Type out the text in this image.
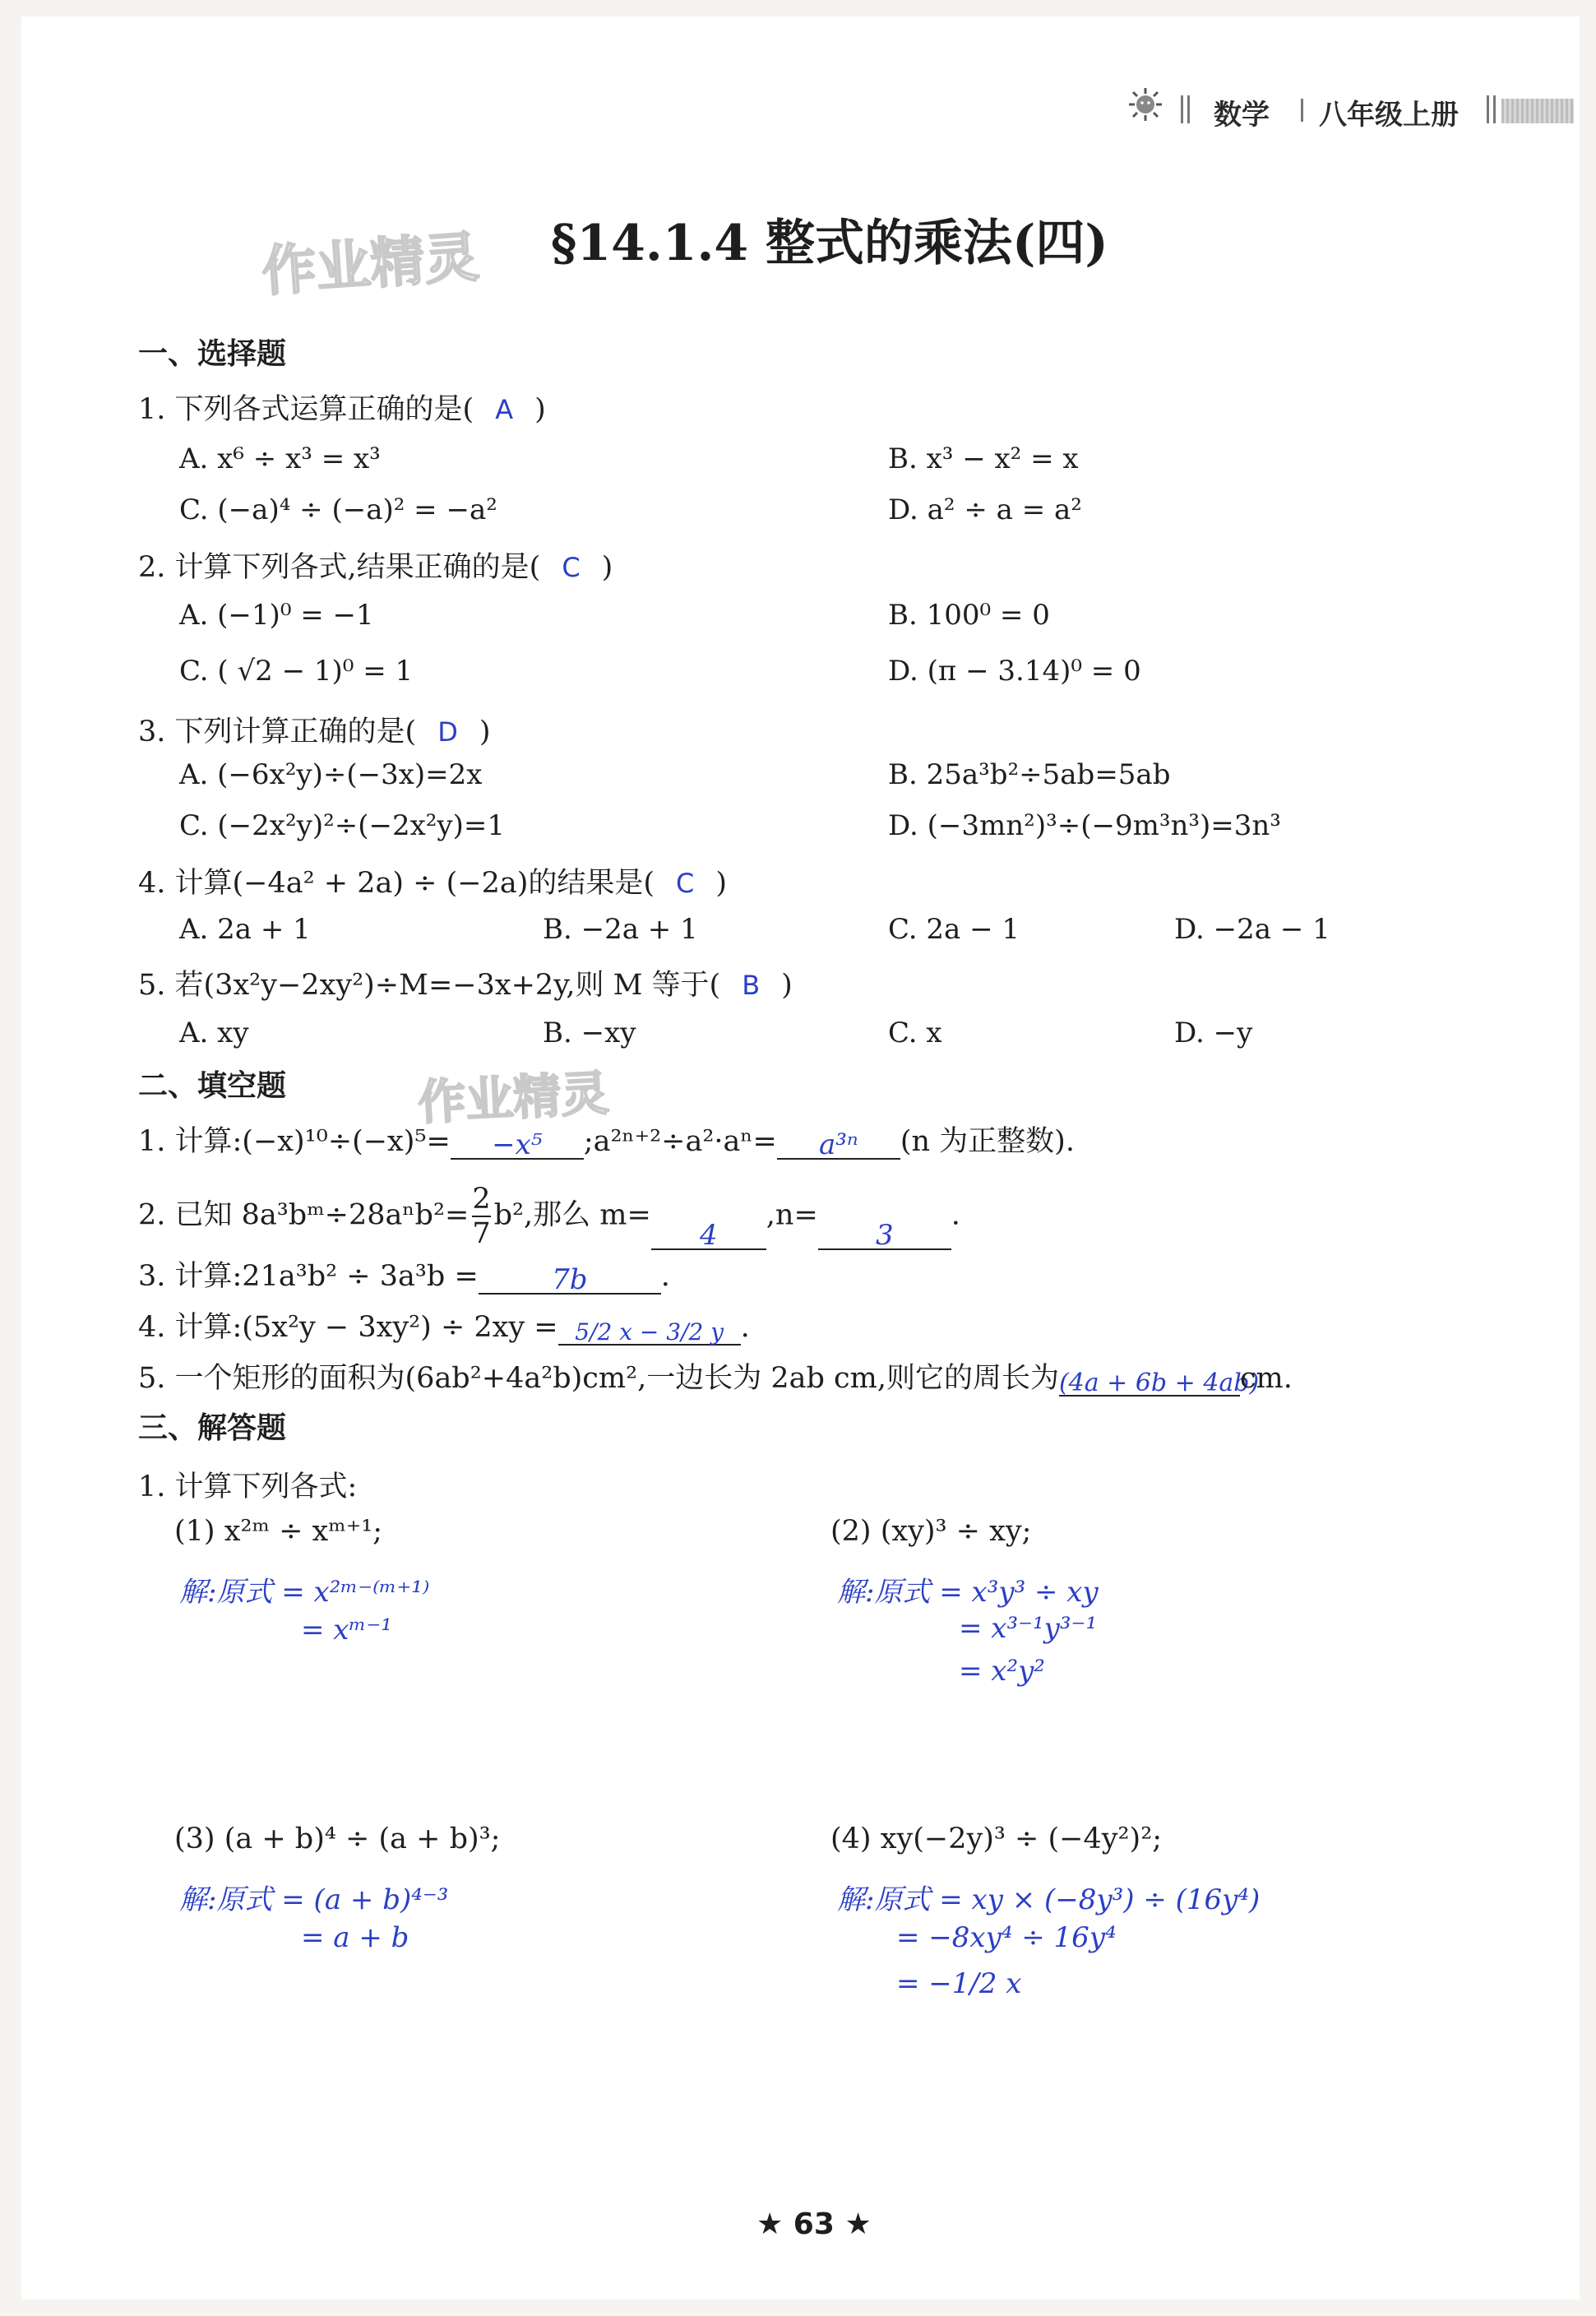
数学 八年级上册
作业精灵
作业精灵
§14.1.4 整式的乘法(四)
一、选择题
1. 下列各式运算正确的是( A )
A. x⁶ ÷ x³ = x³	B. x³ − x² = x
C. (−a)⁴ ÷ (−a)² = −a²	D. a² ÷ a = a²
2. 计算下列各式,结果正确的是( C )
A. (−1)⁰ = −1	B. 100⁰ = 0
C. ( √2 − 1)⁰ = 1	D. (π − 3.14)⁰ = 0
3. 下列计算正确的是( D )
A. (−6x²y)÷(−3x)=2x	B. 25a³b²÷5ab=5ab
C. (−2x²y)²÷(−2x²y)=1	D. (−3mn²)³÷(−9m³n³)=3n³
4. 计算(−4a² + 2a) ÷ (−2a)的结果是( C )
A. 2a + 1	B. −2a + 1	C. 2a − 1	D. −2a − 1
5. 若(3x²y−2xy²)÷M=−3x+2y,则 M 等于( B )
A. xy	B. −xy	C. x	D. −y
二、填空题
1. 计算:(−x)¹⁰÷(−x)⁵= −x⁵ ;a²ⁿ⁺²÷a²·aⁿ= a³ⁿ (n 为正整数).
2. 已知 8a³bᵐ÷28aⁿb²= $\frac{2}{7} b^2$,那么 m=4,n=3.
3. 计算:21a³b² ÷ 3a³b =	7b	.
4. 计算:(5x²y − 3xy²) ÷ 2xy = 5/2 x − 3/2 y .
5. 一个矩形的面积为(6ab²+4a²b)cm²,一边长为 2ab cm,则它的周长为(4a + 6b + 4ab)cm.
三、解答题
1. 计算下列各式:
(1) x²ᵐ ÷ xᵐ⁺¹;
解:原式 = x²ᵐ⁻⁽ᵐ⁺¹⁾
= xᵐ⁻¹
(2) (xy)³ ÷ xy;
解:原式 = x³y³ ÷ xy
= x³⁻¹y³⁻¹
= x²y²
(3) (a + b)⁴ ÷ (a + b)³;
解:原式 = (a + b)⁴⁻³
= a + b
(4) xy(−2y)³ ÷ (−4y²)²;
解:原式 = xy × (−8y³) ÷ (16y⁴)
= −8xy⁴ ÷ 16y⁴
= −1/2 x
★ 63 ★
